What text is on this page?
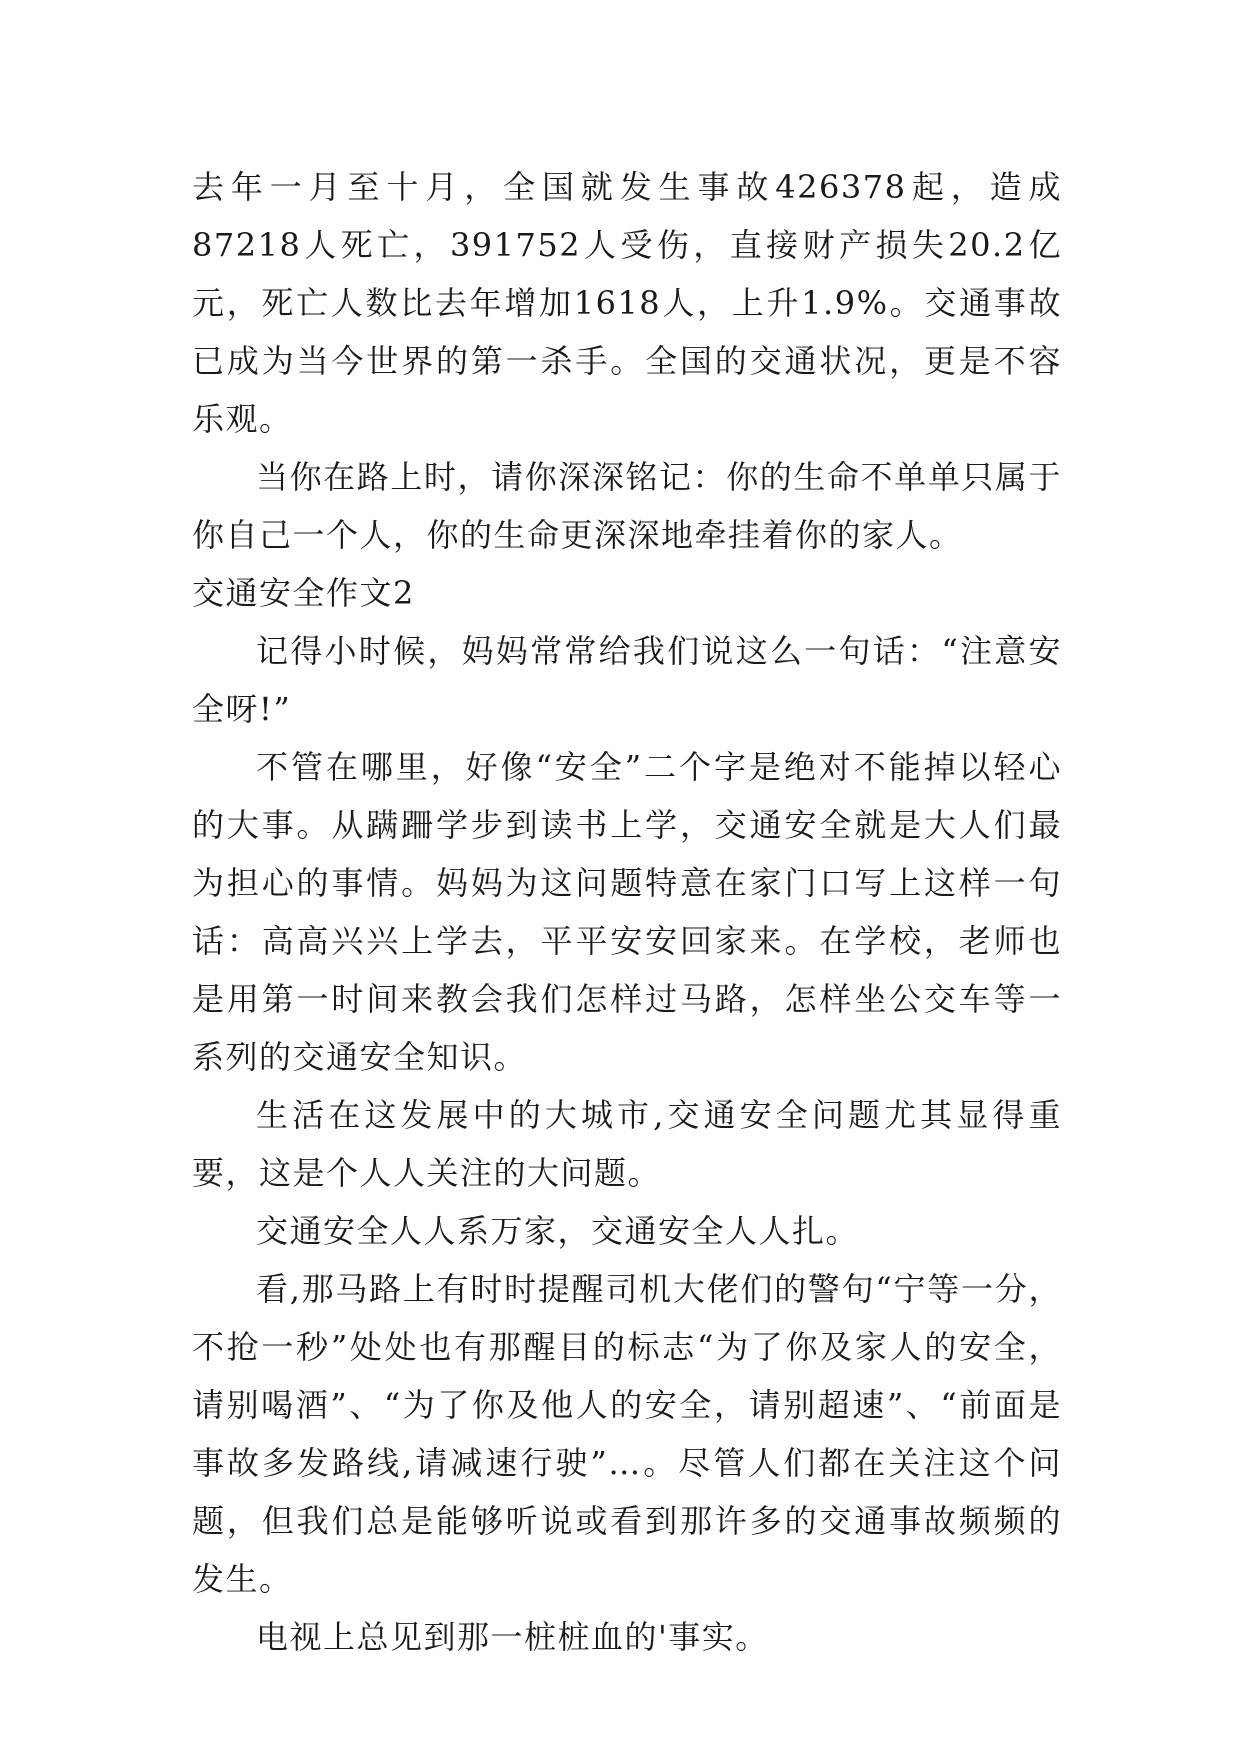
去年一月至十月，全国就发生事故426378起，造成87218人死亡，391752人受伤，直接财产损失20.2亿元，死亡人数比去年增加1618人，上升1.9%。交通事故已成为当今世界的第一杀手。全国的交通状况，更是不容乐观。

当你在路上时，请你深深铭记：你的生命不单单只属于你自己一个人，你的生命更深深地牵挂着你的家人。

交通安全作文2

记得小时候，妈妈常常给我们说这么一句话：“注意安全呀!”

不管在哪里，好像“安全”二个字是绝对不能掉以轻心的大事。从蹒跚学步到读书上学，交通安全就是大人们最为担心的事情。妈妈为这问题特意在家门口写上这样一句话：高高兴兴上学去，平平安安回家来。在学校，老师也是用第一时间来教会我们怎样过马路，怎样坐公交车等一系列的交通安全知识。

生活在这发展中的大城市,交通安全问题尤其显得重要，这是个人人关注的大问题。

交通安全人人系万家，交通安全人人扎。

看,那马路上有时时提醒司机大佬们的警句“宁等一分，不抢一秒”处处也有那醒目的标志“为了你及家人的安全，请别喝酒”、“为了你及他人的安全，请别超速”、“前面是事故多发路线,请减速行驶”…。尽管人们都在关注这个问题，但我们总是能够听说或看到那许多的交通事故频频的发生。

电视上总见到那一桩桩血的'事实。
